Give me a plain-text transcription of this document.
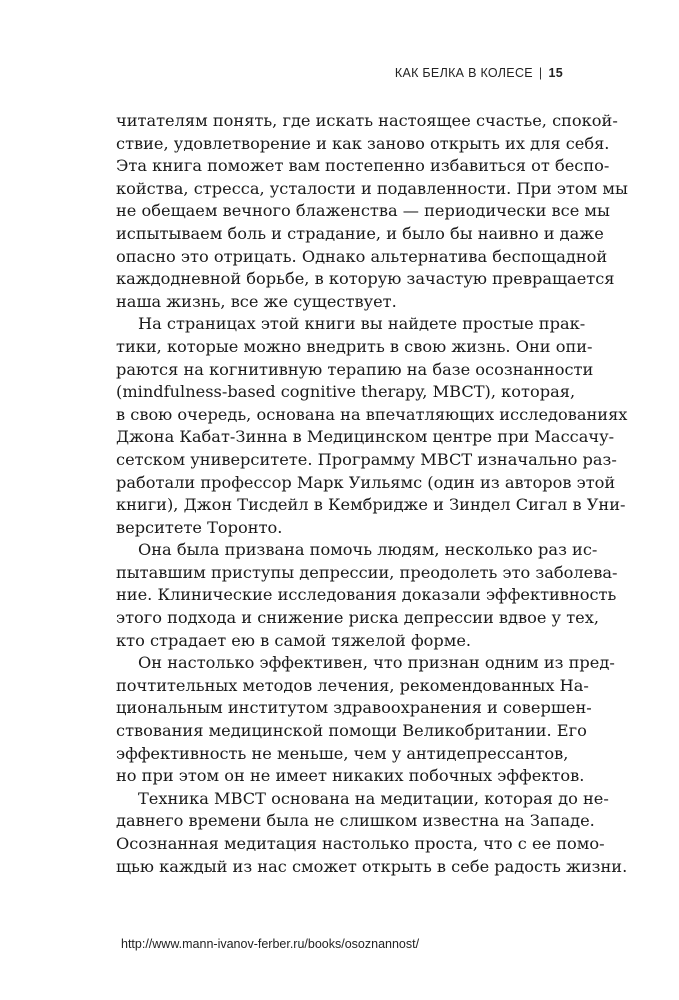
КАК БЕЛКА В КОЛЕСЕ | 15
читателям понять, где искать настоящее счастье, спокой-
ствие, удовлетворение и как заново открыть их для себя.
Эта книга поможет вам постепенно избавиться от беспо-
койства, стресса, усталости и подавленности. При этом мы
не обещаем вечного блаженства — периодически все мы
испытываем боль и страдание, и было бы наивно и даже
опасно это отрицать. Однако альтернатива беспощадной
каждодневной борьбе, в которую зачастую превращается
наша жизнь, все же существует.
На страницах этой книги вы найдете простые прак-
тики, которые можно внедрить в свою жизнь. Они опи-
раются на когнитивную терапию на базе осознанности
(mindfulness-based cognitive therapy, MBCT), которая,
в свою очередь, основана на впечатляющих исследованиях
Джона Кабат-Зинна в Медицинском центре при Массачу-
сетском университете. Программу MBCT изначально раз-
работали профессор Марк Уильямс (один из авторов этой
книги), Джон Тисдейл в Кембридже и Зиндел Сигал в Уни-
верситете Торонто.
Она была призвана помочь людям, несколько раз ис-
пытавшим приступы депрессии, преодолеть это заболева-
ние. Клинические исследования доказали эффективность
этого подхода и снижение риска депрессии вдвое у тех,
кто страдает ею в самой тяжелой форме.
Он настолько эффективен, что признан одним из пред-
почтительных методов лечения, рекомендованных На-
циональным институтом здравоохранения и совершен-
ствования медицинской помощи Великобритании. Его
эффективность не меньше, чем у антидепрессантов,
но при этом он не имеет никаких побочных эффектов.
Техника MBCT основана на медитации, которая до не-
давнего времени была не слишком известна на Западе.
Осознанная медитация настолько проста, что с ее помо-
щью каждый из нас сможет открыть в себе радость жизни.
http://www.mann-ivanov-ferber.ru/books/osoznannost/
